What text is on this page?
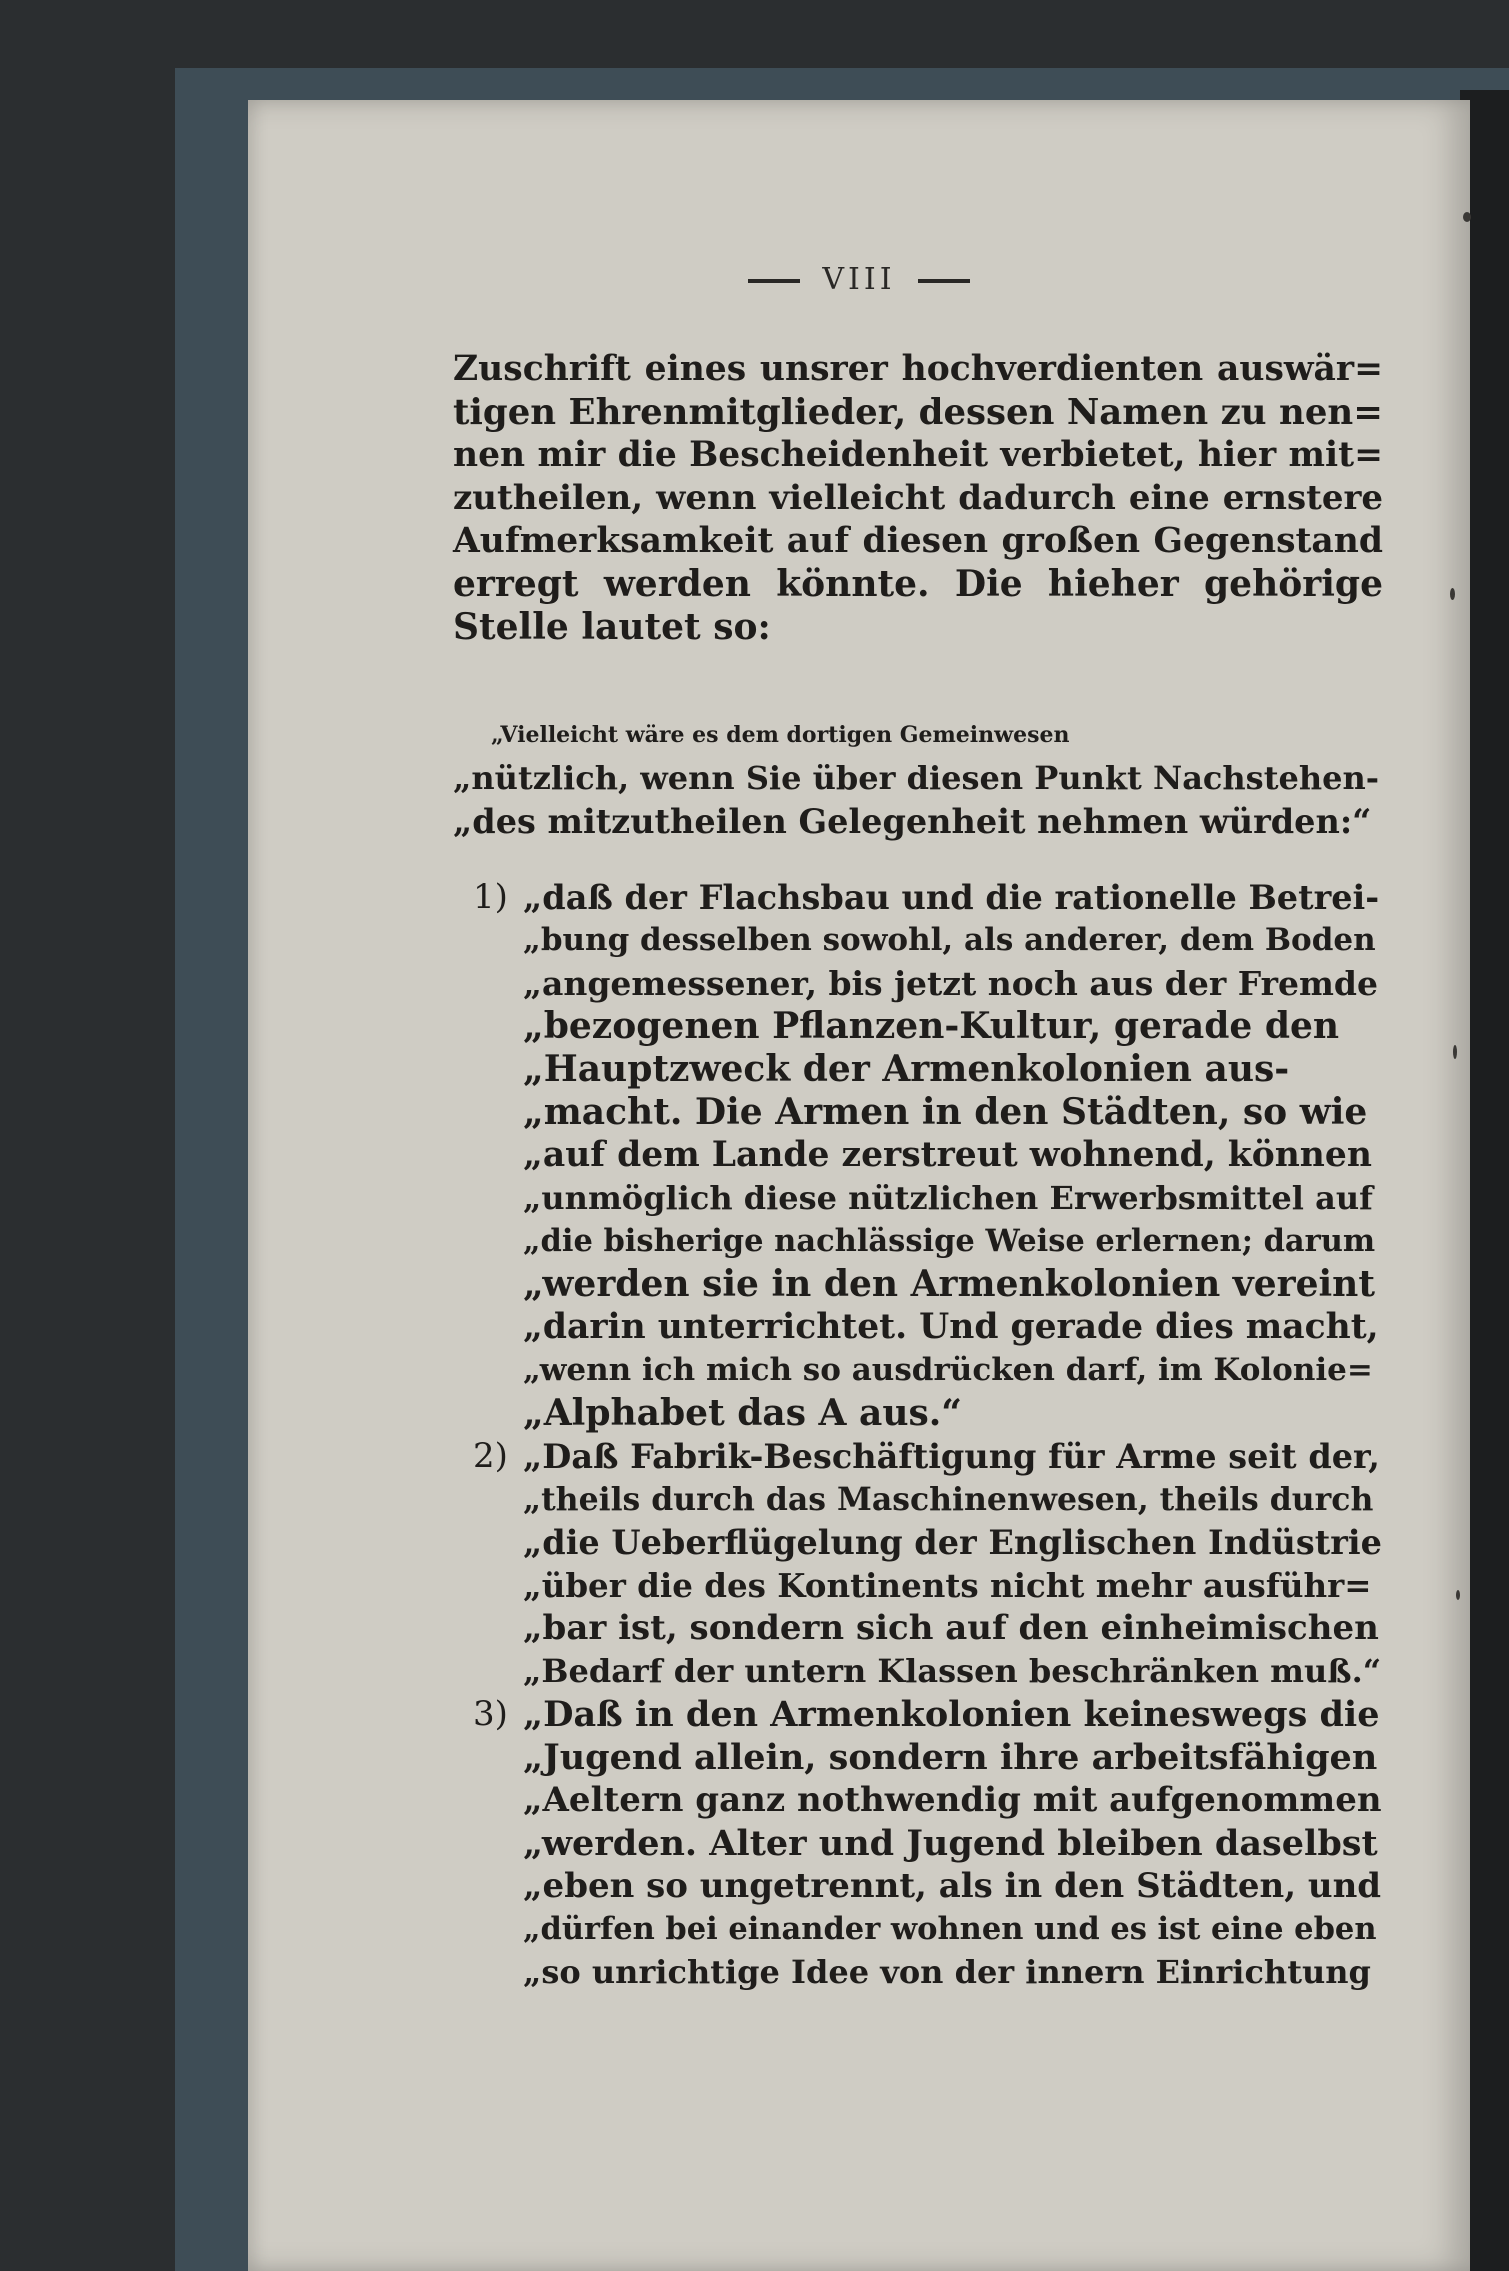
VIII
Zuschrift eines unsrer hochverdienten auswär=
tigen Ehrenmitglieder, dessen Namen zu nen=
nen mir die Bescheidenheit verbietet, hier mit=
zutheilen, wenn vielleicht dadurch eine ernstere
Aufmerksamkeit auf diesen großen Gegenstand
erregt werden könnte. Die hieher gehörige
Stelle lautet so:
„Vielleicht wäre es dem dortigen Gemeinwesen
„nützlich, wenn Sie über diesen Punkt Nachstehen-
„des mitzutheilen Gelegenheit nehmen würden:“
1) „daß der Flachsbau und die rationelle Betrei-
„bung desselben sowohl, als anderer, dem Boden
„angemessener, bis jetzt noch aus der Fremde
„bezogenen Pflanzen-Kultur, gerade den
„Hauptzweck der Armenkolonien aus-
„macht. Die Armen in den Städten, so wie
„auf dem Lande zerstreut wohnend, können
„unmöglich diese nützlichen Erwerbsmittel auf
„die bisherige nachlässige Weise erlernen; darum
„werden sie in den Armenkolonien vereint
„darin unterrichtet. Und gerade dies macht,
„wenn ich mich so ausdrücken darf, im Kolonie=
„Alphabet das A aus.“
2) „Daß Fabrik-Beschäftigung für Arme seit der,
„theils durch das Maschinenwesen, theils durch
„die Ueberflügelung der Englischen Indüstrie
„über die des Kontinents nicht mehr ausführ=
„bar ist, sondern sich auf den einheimischen
„Bedarf der untern Klassen beschränken muß.“
3) „Daß in den Armenkolonien keineswegs die
„Jugend allein, sondern ihre arbeitsfähigen
„Aeltern ganz nothwendig mit aufgenommen
„werden. Alter und Jugend bleiben daselbst
„eben so ungetrennt, als in den Städten, und
„dürfen bei einander wohnen und es ist eine eben
„so unrichtige Idee von der innern Einrichtung
